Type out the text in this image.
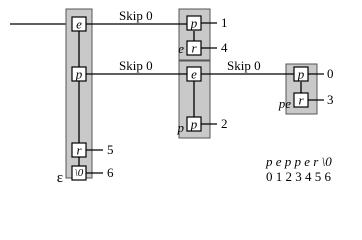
e
p
r
\0
p
r
e
p
p
r
Skip 0
Skip 0	Skip 0
1
4
2
0
3
5
6
ε
e
p
pe
p e p p e r \0
0 1 2 3 4 5 6
